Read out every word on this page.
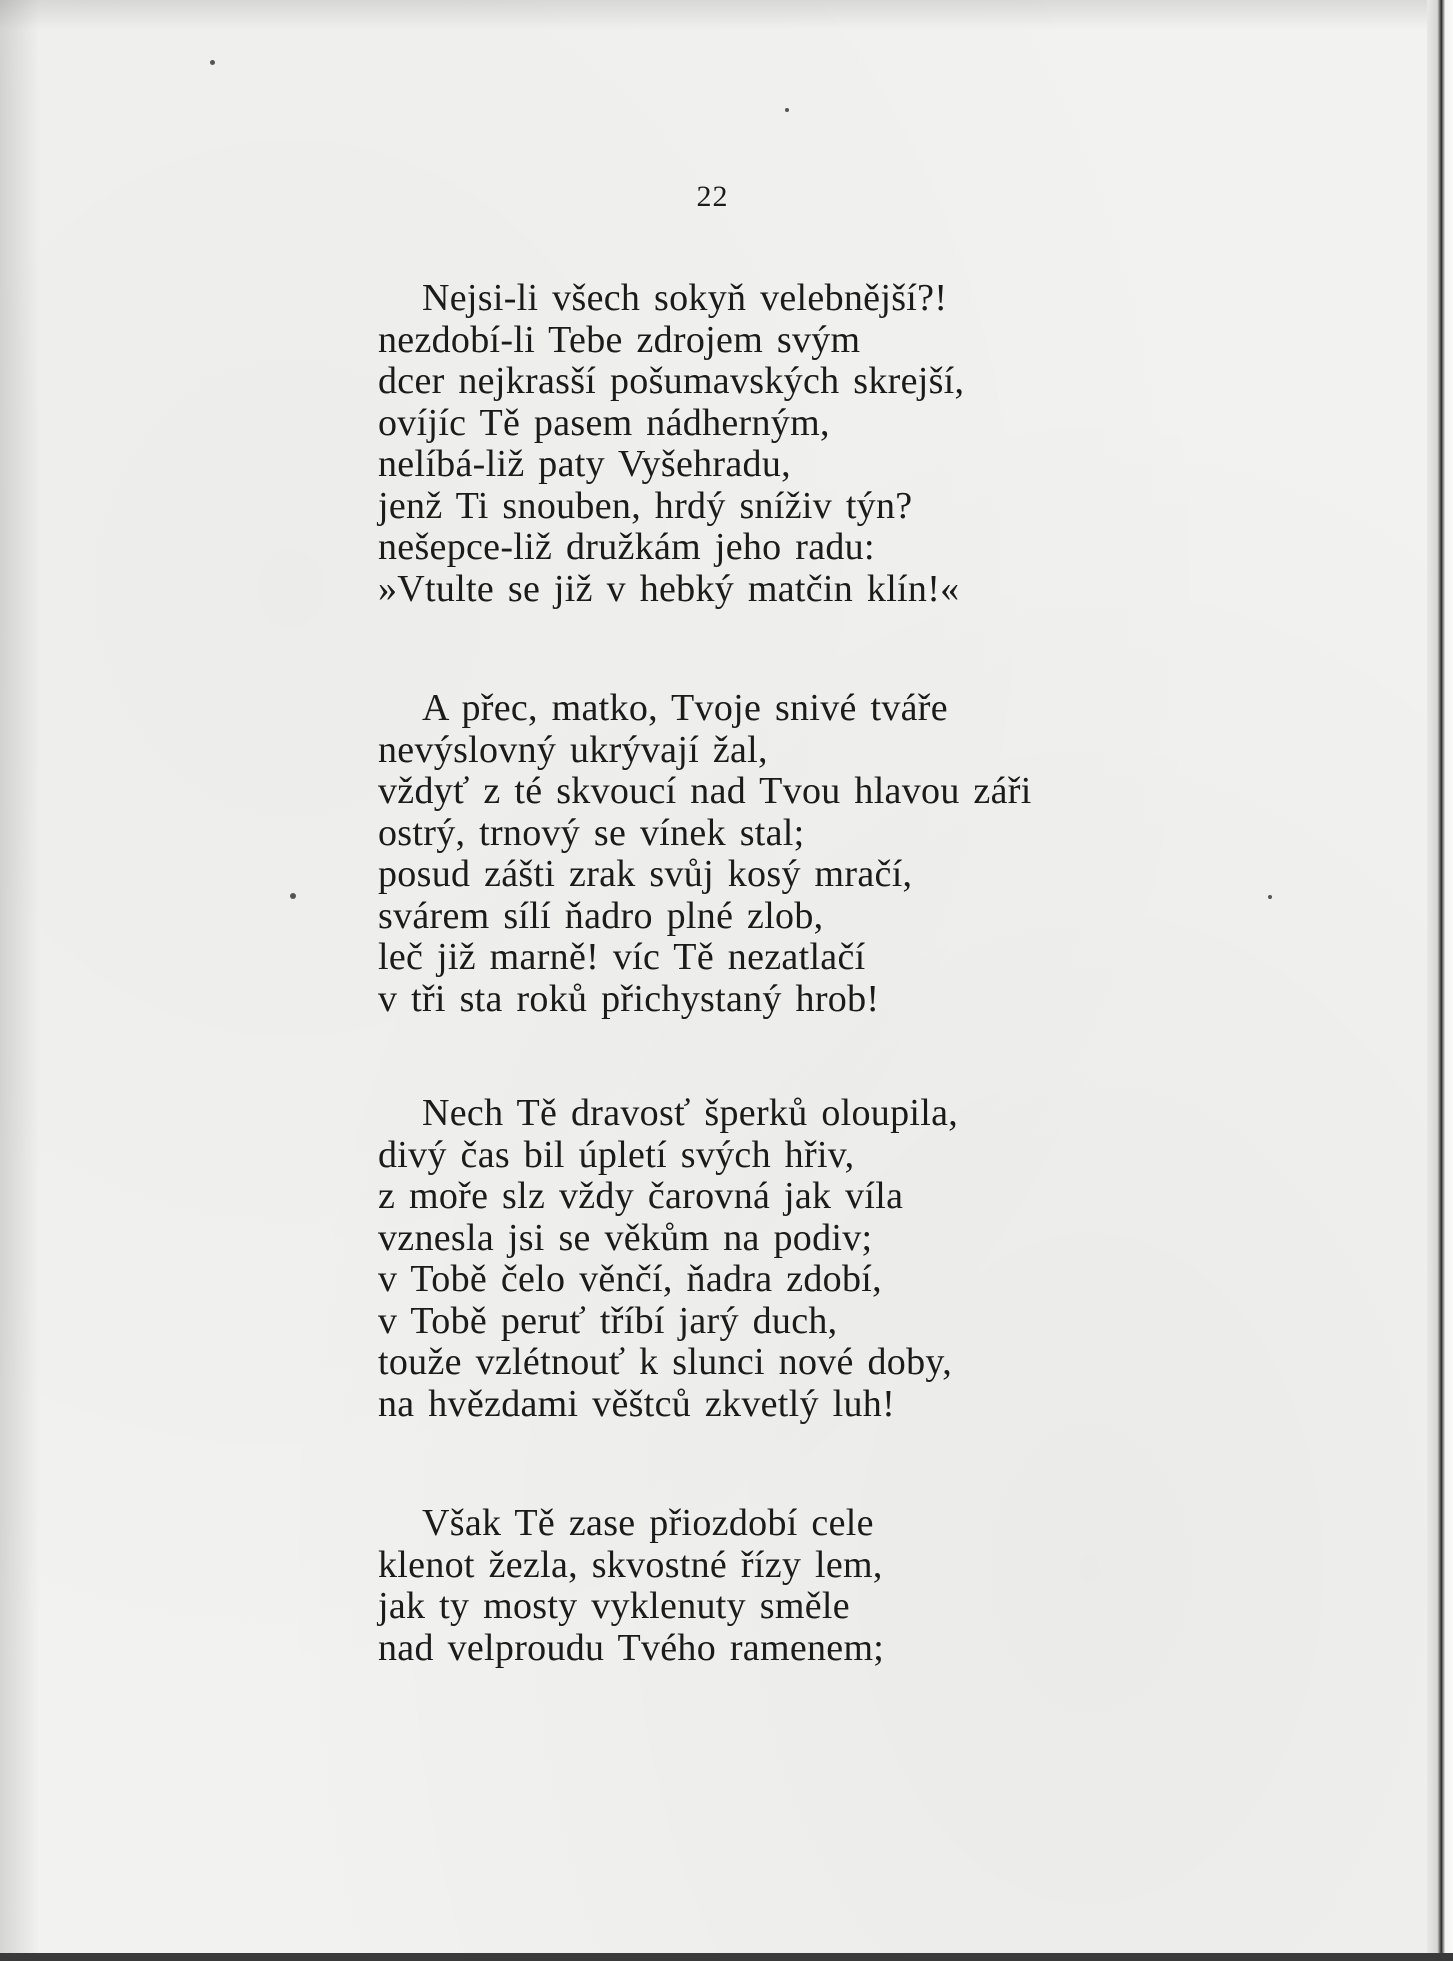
22
Nejsi-li všech sokyň velebnější?!
nezdobí-li Tebe zdrojem svým
dcer nejkrasší pošumavských skrejší,
ovíjíc Tě pasem nádherným,
nelíbá-liž paty Vyšehradu,
jenž Ti snouben, hrdý sníživ týn?
nešepce-liž družkám jeho radu:
»Vtulte se již v hebký matčin klín!«
A přec, matko, Tvoje snivé tváře
nevýslovný ukrývají žal,
vždyť z té skvoucí nad Tvou hlavou záři
ostrý, trnový se vínek stal;
posud zášti zrak svůj kosý mračí,
svárem sílí ňadro plné zlob,
leč již marně! víc Tě nezatlačí
v tři sta roků přichystaný hrob!
Nech Tě dravosť šperků oloupila,
divý čas bil úpletí svých hřiv,
z moře slz vždy čarovná jak víla
vznesla jsi se věkům na podiv;
v Tobě čelo věnčí, ňadra zdobí,
v Tobě peruť tříbí jarý duch,
touže vzlétnouť k slunci nové doby,
na hvězdami věštců zkvetlý luh!
Však Tě zase přiozdobí cele
klenot žezla, skvostné řízy lem,
jak ty mosty vyklenuty směle
nad velproudu Tvého ramenem;
